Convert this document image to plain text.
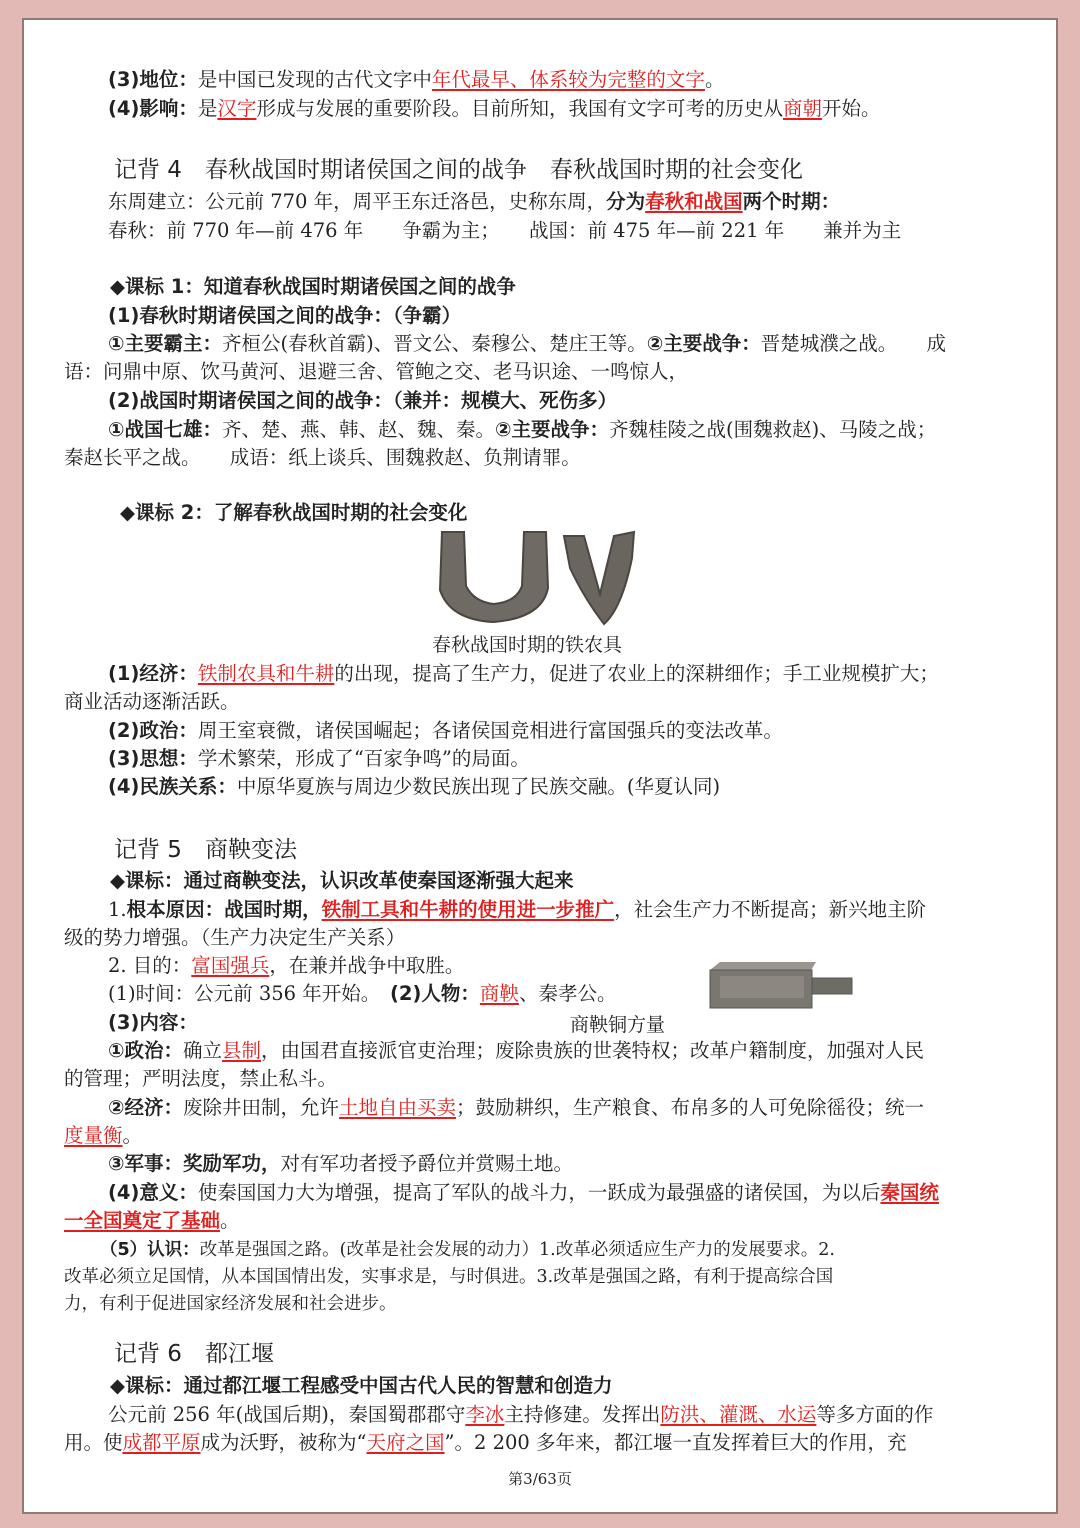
(3)地位：是中国已发现的古代文字中年代最早、体系较为完整的文字。
(4)影响：是汉字形成与发展的重要阶段。目前所知，我国有文字可考的历史从商朝开始。
记背 4　春秋战国时期诸侯国之间的战争　春秋战国时期的社会变化
东周建立：公元前 770 年，周平王东迁洛邑，史称东周，分为春秋和战国两个时期：
春秋：前 770 年—前 476 年　　争霸为主；　　战国：前 475 年—前 221 年　　兼并为主
◆课标 1：知道春秋战国时期诸侯国之间的战争
(1)春秋时期诸侯国之间的战争：（争霸）
①主要霸主：齐桓公(春秋首霸)、晋文公、秦穆公、楚庄王等。②主要战争：晋楚城濮之战。　　成
语：问鼎中原、饮马黄河、退避三舍、管鲍之交、老马识途、一鸣惊人，
(2)战国时期诸侯国之间的战争：（兼并：规模大、死伤多）
①战国七雄：齐、楚、燕、韩、赵、魏、秦。②主要战争：齐魏桂陵之战(围魏救赵)、马陵之战；
秦赵长平之战。　　成语：纸上谈兵、围魏救赵、负荆请罪。
◆课标 2：了解春秋战国时期的社会变化
春秋战国时期的铁农具
(1)经济：铁制农具和牛耕的出现，提高了生产力，促进了农业上的深耕细作；手工业规模扩大；
商业活动逐渐活跃。
(2)政治：周王室衰微，诸侯国崛起；各诸侯国竞相进行富国强兵的变法改革。
(3)思想：学术繁荣，形成了“百家争鸣”的局面。
(4)民族关系：中原华夏族与周边少数民族出现了民族交融。(华夏认同)
记背 5　商鞅变法
◆课标：通过商鞅变法，认识改革使秦国逐渐强大起来
1.根本原因：战国时期，铁制工具和牛耕的使用进一步推广，社会生产力不断提高；新兴地主阶
级的势力增强。（生产力决定生产关系）
2. 目的：富国强兵，在兼并战争中取胜。
(1)时间：公元前 356 年开始。　 (2)人物：商鞅、秦孝公。
(3)内容：	商鞅铜方量
①政治：确立县制，由国君直接派官吏治理；废除贵族的世袭特权；改革户籍制度，加强对人民
的管理；严明法度，禁止私斗。
②经济：废除井田制，允许土地自由买卖；鼓励耕织，生产粮食、布帛多的人可免除徭役；统一
度量衡。
③军事：奖励军功，对有军功者授予爵位并赏赐土地。
(4)意义：使秦国国力大为增强，提高了军队的战斗力，一跃成为最强盛的诸侯国，为以后秦国统
一全国奠定了基础。
（5）认识：改革是强国之路。(改革是社会发展的动力）1.改革必须适应生产力的发展要求。2.
改革必须立足国情，从本国国情出发，实事求是，与时俱进。3.改革是强国之路，有利于提高综合国
力，有利于促进国家经济发展和社会进步。
记背 6　都江堰
◆课标：通过都江堰工程感受中国古代人民的智慧和创造力
公元前 256 年(战国后期)，秦国蜀郡郡守李冰主持修建。发挥出防洪、灌溉、水运等多方面的作
用。使成都平原成为沃野，被称为“天府之国”。2 200 多年来，都江堰一直发挥着巨大的作用，充
第3/63页
